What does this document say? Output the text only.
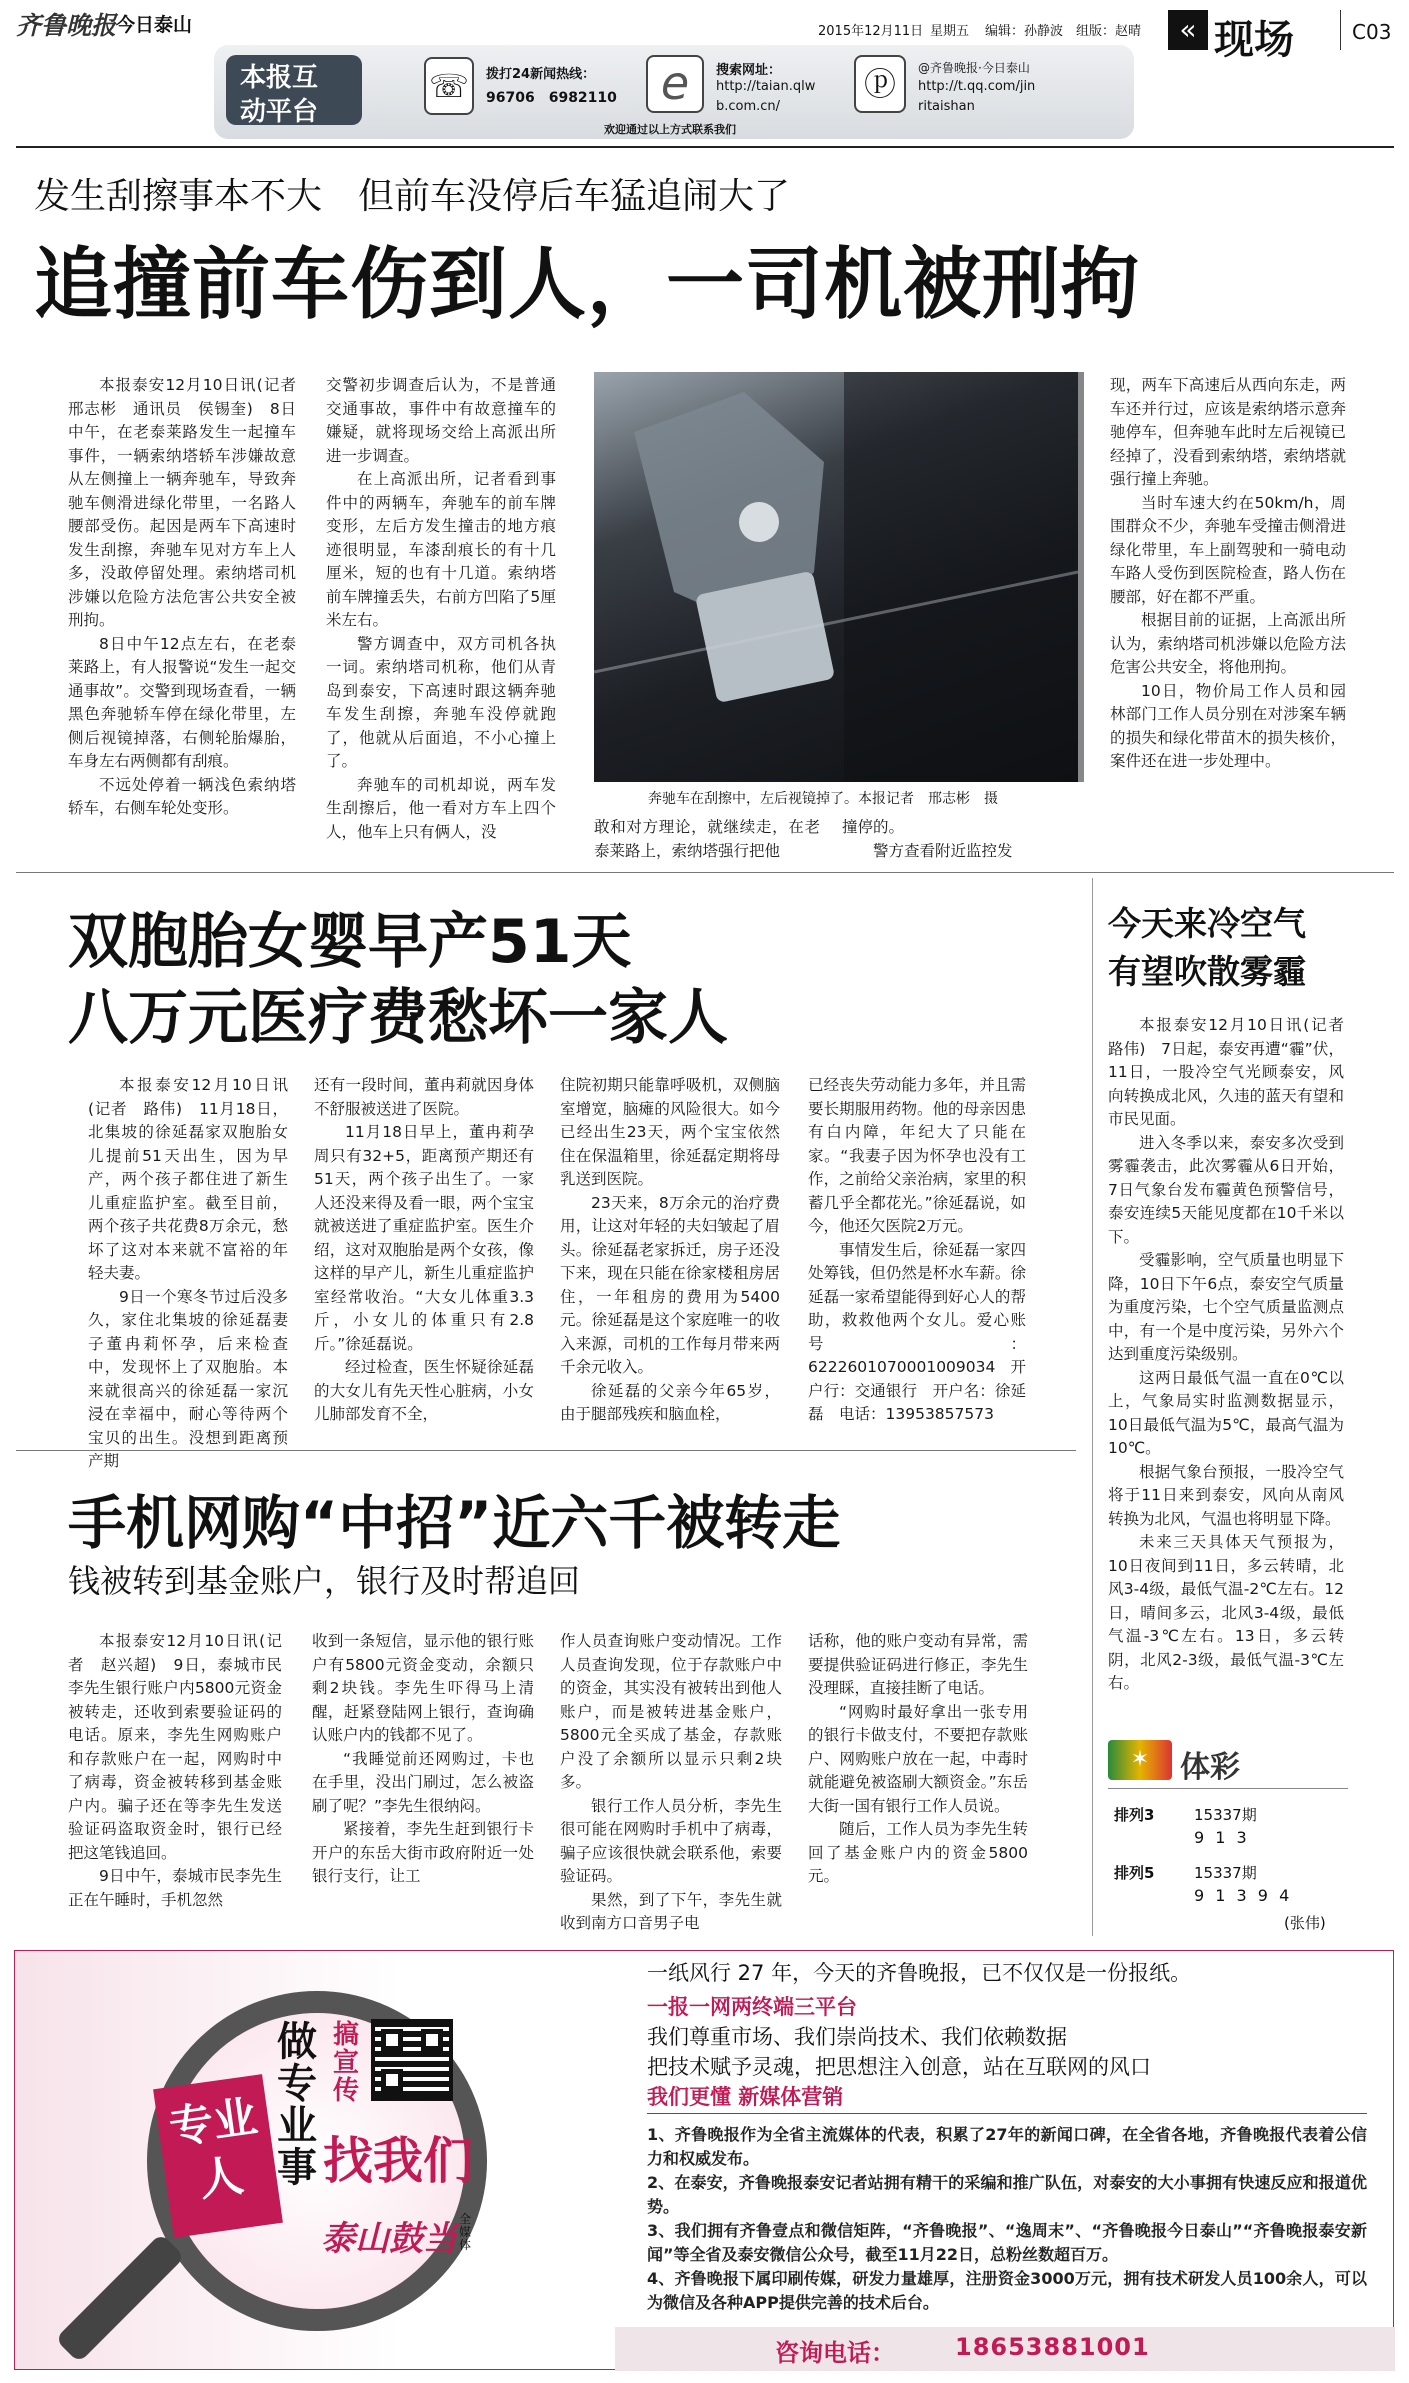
齐鲁晚报 今日泰山	2015年12月11日 星期五 编辑：孙静波 组版：赵晴	« 现场	C03
本报互
动平台
☏	拨打24新闻热线：
96706　6982110 e	搜索网址：
http://taian.qlw
b.com.cn/
ⓟ	@齐鲁晚报·今日泰山
http://t.qq.com/jin
ritaishan
欢迎通过以上方式联系我们
发生刮擦事本不大　但前车没停后车猛追闹大了
追撞前车伤到人，一司机被刑拘

本报泰安12月10日讯(记者　邢志彬　通讯员　侯锡奎)　8日中午，在老泰莱路发生一起撞车事件，一辆索纳塔轿车涉嫌故意从左侧撞上一辆奔驰车，导致奔驰车侧滑进绿化带里，一名路人腰部受伤。起因是两车下高速时发生刮擦，奔驰车见对方车上人多，没敢停留处理。索纳塔司机涉嫌以危险方法危害公共安全被刑拘。

8日中午12点左右，在老泰莱路上，有人报警说“发生一起交通事故”。交警到现场查看，一辆黑色奔驰轿车停在绿化带里，左侧后视镜掉落，右侧轮胎爆胎，车身左右两侧都有刮痕。

不远处停着一辆浅色索纳塔轿车，右侧车轮处变形。

交警初步调查后认为，不是普通交通事故，事件中有故意撞车的嫌疑，就将现场交给上高派出所进一步调查。

在上高派出所，记者看到事件中的两辆车，奔驰车的前车牌变形，左后方发生撞击的地方痕迹很明显，车漆刮痕长的有十几厘米，短的也有十几道。索纳塔前车牌撞丢失，右前方凹陷了5厘米左右。

警方调查中，双方司机各执一词。索纳塔司机称，他们从青岛到泰安，下高速时跟这辆奔驰车发生刮擦，奔驰车没停就跑了，他就从后面追，不小心撞上了。

奔驰车的司机却说，两车发生刮擦后，他一看对方车上四个人，他车上只有俩人，没

奔驰车在刮擦中，左后视镜掉了。本报记者　邢志彬　摄

敢和对方理论，就继续走，在老泰莱路上，索纳塔强行把他

撞停的。

警方查看附近监控发

现，两车下高速后从西向东走，两车还并行过，应该是索纳塔示意奔驰停车，但奔驰车此时左后视镜已经掉了，没看到索纳塔，索纳塔就强行撞上奔驰。

当时车速大约在50km/h，周围群众不少，奔驰车受撞击侧滑进绿化带里，车上副驾驶和一骑电动车路人受伤到医院检查，路人伤在腰部，好在都不严重。

根据目前的证据，上高派出所认为，索纳塔司机涉嫌以危险方法危害公共安全，将他刑拘。

10日，物价局工作人员和园林部门工作人员分别在对涉案车辆的损失和绿化带苗木的损失核价，案件还在进一步处理中。

双胞胎女婴早产51天
八万元医疗费愁坏一家人

本报泰安12月10日讯(记者　路伟)　11月18日，北集坡的徐延磊家双胞胎女儿提前51天出生，因为早产，两个孩子都住进了新生儿重症监护室。截至目前，两个孩子共花费8万余元，愁坏了这对本来就不富裕的年轻夫妻。

9日一个寒冬节过后没多久，家住北集坡的徐延磊妻子董冉莉怀孕，后来检查中，发现怀上了双胞胎。本来就很高兴的徐延磊一家沉浸在幸福中，耐心等待两个宝贝的出生。没想到距离预产期

还有一段时间，董冉莉就因身体不舒服被送进了医院。

11月18日早上，董冉莉孕周只有32+5，距离预产期还有51天，两个孩子出生了。一家人还没来得及看一眼，两个宝宝就被送进了重症监护室。医生介绍，这对双胞胎是两个女孩，像这样的早产儿，新生儿重症监护室经常收治。“大女儿体重3.3斤，小女儿的体重只有2.8斤。”徐延磊说。

经过检查，医生怀疑徐延磊的大女儿有先天性心脏病，小女儿肺部发育不全，

住院初期只能靠呼吸机，双侧脑室增宽，脑瘫的风险很大。如今已经出生23天，两个宝宝依然住在保温箱里，徐延磊定期将母乳送到医院。

23天来，8万余元的治疗费用，让这对年轻的夫妇皱起了眉头。徐延磊老家拆迁，房子还没下来，现在只能在徐家楼租房居住，一年租房的费用为5400元。徐延磊是这个家庭唯一的收入来源，司机的工作每月带来两千余元收入。

徐延磊的父亲今年65岁，由于腿部残疾和脑血栓，

已经丧失劳动能力多年，并且需要长期服用药物。他的母亲因患有白内障，年纪大了只能在家。“我妻子因为怀孕也没有工作，之前给父亲治病，家里的积蓄几乎全都花光。”徐延磊说，如今，他还欠医院2万元。

事情发生后，徐延磊一家四处筹钱，但仍然是杯水车薪。徐延磊一家希望能得到好心人的帮助，救救他两个女儿。爱心账号：6222601070001009034开户行：交通银行　开户名：徐延磊　电话：13953857573

手机网购“中招”近六千被转走
钱被转到基金账户，银行及时帮追回

本报泰安12月10日讯(记者　赵兴超)　9日，泰城市民李先生银行账户内5800元资金被转走，还收到索要验证码的电话。原来，李先生网购账户和存款账户在一起，网购时中了病毒，资金被转移到基金账户内。骗子还在等李先生发送验证码盗取资金时，银行已经把这笔钱追回。

9日中午，泰城市民李先生正在午睡时，手机忽然

收到一条短信，显示他的银行账户有5800元资金变动，余额只剩2块钱。李先生吓得马上清醒，赶紧登陆网上银行，查询确认账户内的钱都不见了。

“我睡觉前还网购过，卡也在手里，没出门刷过，怎么被盗刷了呢？”李先生很纳闷。

紧接着，李先生赶到银行卡开户的东岳大街市政府附近一处银行支行，让工

作人员查询账户变动情况。工作人员查询发现，位于存款账户中的资金，其实没有被转出到他人账户，而是被转进基金账户，5800元全买成了基金，存款账户没了余额所以显示只剩2块多。

银行工作人员分析，李先生很可能在网购时手机中了病毒，骗子应该很快就会联系他，索要验证码。

果然，到了下午，李先生就收到南方口音男子电

话称，他的账户变动有异常，需要提供验证码进行修正，李先生没理睬，直接挂断了电话。

“网购时最好拿出一张专用的银行卡做支付，不要把存款账户、网购账户放在一起，中毒时就能避免被盗刷大额资金。”东岳大街一国有银行工作人员说。

随后，工作人员为李先生转回了基金账户内的资金5800元。

今天来冷空气
有望吹散雾霾

本报泰安12月10日讯(记者　路伟)　7日起，泰安再遭“霾”伏，11日，一股冷空气光顾泰安，风向转换成北风，久违的蓝天有望和市民见面。

进入冬季以来，泰安多次受到雾霾袭击，此次雾霾从6日开始，7日气象台发布霾黄色预警信号，泰安连续5天能见度都在10千米以下。

受霾影响，空气质量也明显下降，10日下午6点，泰安空气质量为重度污染，七个空气质量监测点中，有一个是中度污染，另外六个达到重度污染级别。

这两日最低气温一直在0℃以上，气象局实时监测数据显示，10日最低气温为5℃，最高气温为10℃。

根据气象台预报，一股冷空气将于11日来到泰安，风向从南风转换为北风，气温也将明显下降。

未来三天具体天气预报为，10日夜间到11日，多云转晴，北风3-4级，最低气温-2℃左右。12日，晴间多云，北风3-4级，最低气温-3℃左右。13日，多云转阴，北风2-3级，最低气温-3℃左右。

✶	体彩
排列3	15337期
9 1 3
排列5	15337期
9 1 3 9 4
(张伟)
专业人
做专业事
搞宣传
找我们
泰山鼓当 全媒体
一纸风行 27 年，今天的齐鲁晚报，已不仅仅是一份报纸。
一报一网两终端三平台
我们尊重市场、我们崇尚技术、我们依赖数据
把技术赋予灵魂，把思想注入创意，站在互联网的风口
我们更懂 新媒体营销

1、齐鲁晚报作为全省主流媒体的代表，积累了27年的新闻口碑，在全省各地，齐鲁晚报代表着公信力和权威发布。

2、在泰安，齐鲁晚报泰安记者站拥有精干的采编和推广队伍，对泰安的大小事拥有快速反应和报道优势。

3、我们拥有齐鲁壹点和微信矩阵，“齐鲁晚报”、“逸周末”、“齐鲁晚报今日泰山”“齐鲁晚报泰安新闻”等全省及泰安微信公众号，截至11月22日，总粉丝数超百万。

4、齐鲁晚报下属印刷传媒，研发力量雄厚，注册资金3000万元，拥有技术研发人员100余人，可以为微信及各种APP提供完善的技术后台。

咨询电话：	18653881001
